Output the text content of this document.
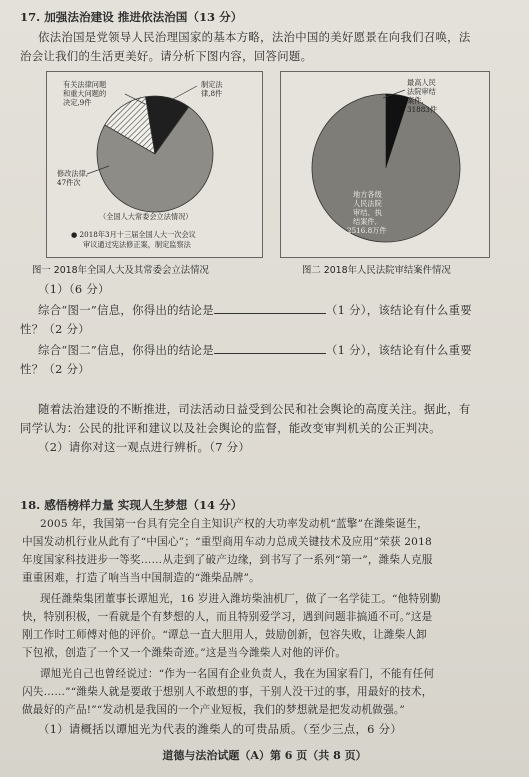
17. 加强法治建设 推进依法治国（13 分）
依法治国是党领导人民治理国家的基本方略，法治中国的美好愿景在向我们召唤，法
治会让我们的生活更美好。请分析下图内容，回答问题。
有关法律问题
和重大问题的
决定,9件
制定法
律,8件
修改法律,
47件次
（全国人大常委会立法情况）
● 2018年3月十三届全国人大一次会议
审议通过宪法修正案，制定监察法
图一 2018年全国人大及其常委会立法情况
最高人民
法院审结
案件,
31883件
地方各级
人民法院
审结、执
结案件,
2516.8万件
图二 2018年人民法院审结案件情况
（1）（6 分）
综合“图一”信息，你得出的结论是	（1 分），该结论有什么重要
性？（2 分）
综合“图二”信息，你得出的结论是	（1 分），该结论有什么重要
性？（2 分）
随着法治建设的不断推进，司法活动日益受到公民和社会舆论的高度关注。据此，有
同学认为：公民的批评和建议以及社会舆论的监督，能改变审判机关的公正判决。
（2）请你对这一观点进行辨析。（7 分）
18. 感悟榜样力量 实现人生梦想（14 分）
2005 年，我国第一台具有完全自主知识产权的大功率发动机“蓝擎”在潍柴诞生，
中国发动机行业从此有了“中国心”；“重型商用车动力总成关键技术及应用”荣获 2018
年度国家科技进步一等奖……从走到了破产边缘，到书写了一系列“第一”，潍柴人克服
重重困难，打造了响当当中国制造的“潍柴品牌”。
现任潍柴集团董事长谭旭光，16 岁进入潍坊柴油机厂，做了一名学徒工。“他特别勤
快，特别积极，一看就是个有梦想的人，而且特别爱学习，遇到问题非搞通不可。”这是
刚工作时工师傅对他的评价。“谭总一直大胆用人，鼓励创新，包容失败，让潍柴人卸
下包袱，创造了一个又一个潍柴奇迹。”这是当今潍柴人对他的评价。
谭旭光自己也曾经说过：“作为一名国有企业负责人，我在为国家看门，不能有任何
闪失……”“潍柴人就是要敢于想别人不敢想的事，干别人没干过的事，用最好的技术，
做最好的产品!”“发动机是我国的一个产业短板，我们的梦想就是把发动机做强。”
（1）请概括以谭旭光为代表的潍柴人的可贵品质。（至少三点，6 分）
道德与法治试题（A）第 6 页（共 8 页）
